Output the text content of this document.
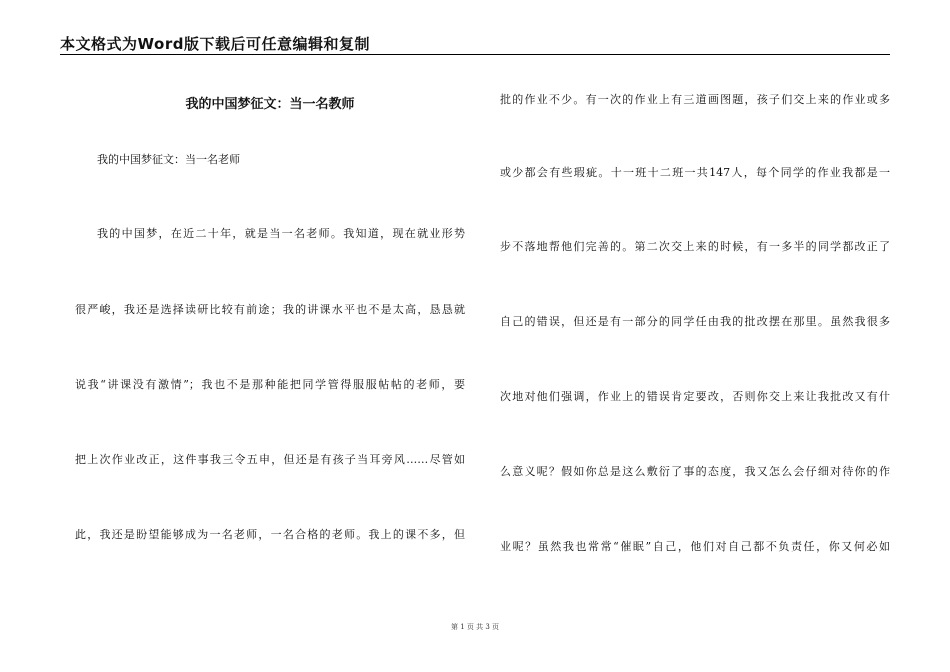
本文格式为Word版下载后可任意编辑和复制
我的中国梦征文：当一名教师
我的中国梦征文：当一名老师
我的中国梦，在近二十年，就是当一名老师。我知道，现在就业形势
很严峻，我还是选择读研比较有前途；我的讲课水平也不是太高，恳恳就
说我“讲课没有激情”；我也不是那种能把同学管得服服帖帖的老师，要
把上次作业改正，这件事我三令五申，但还是有孩子当耳旁风……尽管如
此，我还是盼望能够成为一名老师，一名合格的老师。我上的课不多，但
批的作业不少。有一次的作业上有三道画图题，孩子们交上来的作业或多
或少都会有些瑕疵。十一班十二班一共147人，每个同学的作业我都是一
步不落地帮他们完善的。第二次交上来的时候，有一多半的同学都改正了
自己的错误，但还是有一部分的同学任由我的批改摆在那里。虽然我很多
次地对他们强调，作业上的错误肯定要改，否则你交上来让我批改又有什
么意义呢？假如你总是这么敷衍了事的态度，我又怎么会仔细对待你的作
业呢？虽然我也常常“催眠”自己，他们对自己都不负责任，你又何必如
第 1 页 共 3 页
